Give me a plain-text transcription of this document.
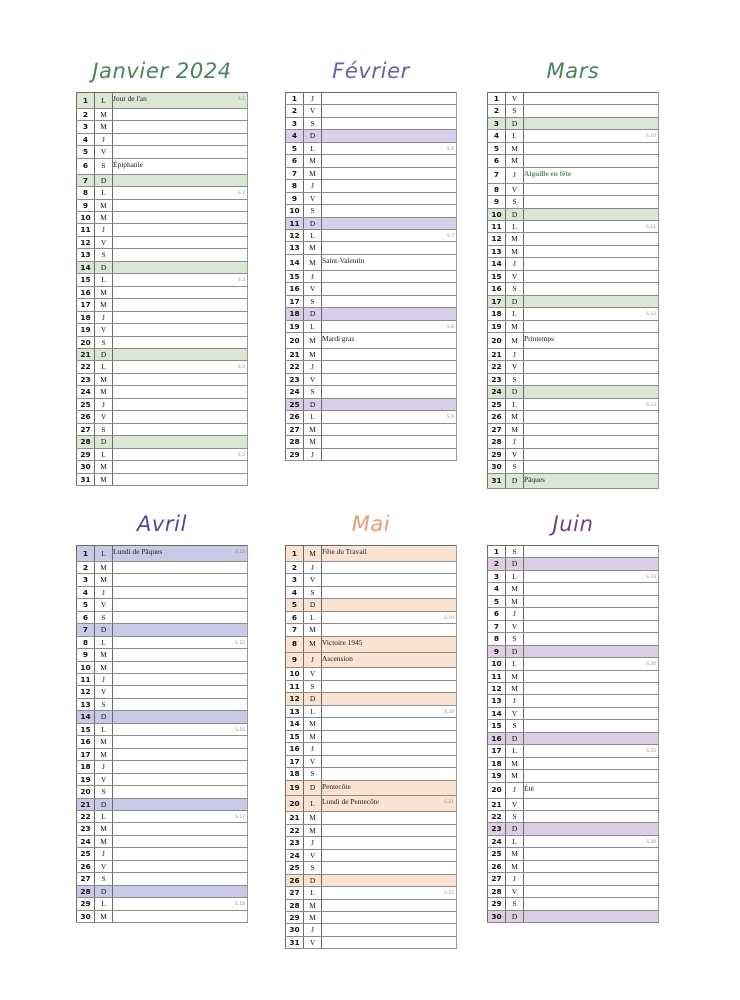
Janvier 2024
1	L	Jour de l'an S.1

2	M	
3	M	
4	J	
5	V	
6	S	Épiphanie
7	D	
8	L	S.2

9	M	
10	M	
11	J	
12	V	
13	S	
14	D	
15	L	S.3

16	M	
17	M	
18	J	
19	V	
20	S	
21	D	
22	L	S.4

23	M	
24	M	
25	J	
26	V	
27	S	
28	D	
29	L	S.5

30	M	
31	M	
Février
1	J	
2	V	
3	S	
4	D	
5	L	S.6

6	M	
7	M	
8	J	
9	V	
10	S	
11	D	
12	L	S.7

13	M	
14	M	Saint-Valentin
15	J	
16	V	
17	S	
18	D	
19	L	S.8

20	M	Mardi gras
21	M	
22	J	
23	V	
24	S	
25	D	
26	L	S.9

27	M	
28	M	
29	J	
Mars
1	V	
2	S	
3	D	
4	L	S.10

5	M	
6	M	
7	J	Aiguille en fête
8	V	
9	S	
10	D	
11	L	S.11

12	M	
13	M	
14	J	
15	V	
16	S	
17	D	
18	L	S.12

19	M	
20	M	Printemps
21	J	
22	V	
23	S	
24	D	
25	L	S.13

26	M	
27	M	
28	J	
29	V	
30	S	
31	D	Pâques
Avril
1	L	Lundi de Pâques S.14

2	M	
3	M	
4	J	
5	V	
6	S	
7	D	
8	L	S.15

9	M	
10	M	
11	J	
12	V	
13	S	
14	D	
15	L	S.16

16	M	
17	M	
18	J	
19	V	
20	S	
21	D	
22	L	S.17

23	M	
24	M	
25	J	
26	V	
27	S	
28	D	
29	L	S.18

30	M	
Mai
1	M	Fête du Travail
2	J	
3	V	
4	S	
5	D	
6	L	S.19

7	M	
8	M	Victoire 1945
9	J	Ascension
10	V	
11	S	
12	D	
13	L	S.20

14	M	
15	M	
16	J	
17	V	
18	S	
19	D	Pentecôte
20	L	Lundi de Pentecôte S.21

21	M	
22	M	
23	J	
24	V	
25	S	
26	D	
27	L	S.22

28	M	
29	M	
30	J	
31	V	
Juin
1	S	
2	D	
3	L	S.23

4	M	
5	M	
6	J	
7	V	
8	S	
9	D	
10	L	S.24

11	M	
12	M	
13	J	
14	V	
15	S	
16	D	
17	L	S.25

18	M	
19	M	
20	J	Été
21	V	
22	S	
23	D	
24	L	S.26

25	M	
26	M	
27	J	
28	V	
29	S	
30	D	
